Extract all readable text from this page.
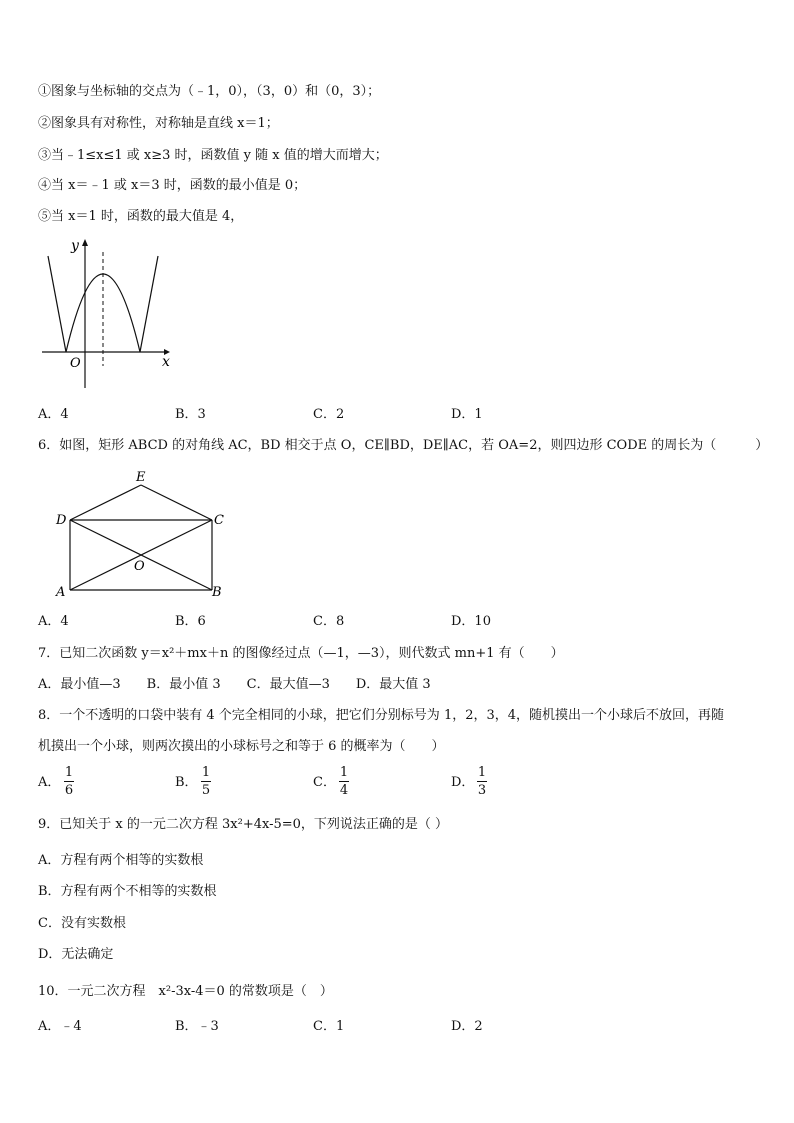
①图象与坐标轴的交点为（﹣1，0），（3，0）和（0，3）；
②图象具有对称性，对称轴是直线 x＝1；
③当﹣1≤x≤1 或 x≥3 时，函数值 y 随 x 值的增大而增大；
④当 x＝﹣1 或 x＝3 时，函数的最小值是 0；
⑤当 x＝1 时，函数的最大值是 4，
y
x
O
A．4	B．3	C．2	D．1
6．如图，矩形 ABCD 的对角线 AC，BD 相交于点 O，CE∥BD，DE∥AC，若 OA=2，则四边形 CODE 的周长为（　　　）
E
D	C
O
A	B
A．4	B．6	C．8	D．10
7．已知二次函数 y＝x²＋mx＋n 的图像经过点（—1，—3），则代数式 mn+1 有（　　）
A．最小值—3　　B．最小值 3　　C．最大值—3　　D．最大值 3
8．一个不透明的口袋中装有 4 个完全相同的小球，把它们分别标号为 1，2，3，4，随机摸出一个小球后不放回，再随
机摸出一个小球，则两次摸出的小球标号之和等于 6 的概率为（　　）
A．
1
6
B．
1
5
C．
1
4
D．
1
3
9．已知关于 x 的一元二次方程 3x²+4x-5=0，下列说法正确的是（ ）
A．方程有两个相等的实数根
B．方程有两个不相等的实数根
C．没有实数根
D．无法确定
10．一元二次方程　x²-3x-4＝0 的常数项是（　）
A．﹣4	B．﹣3	C．1	D．2
